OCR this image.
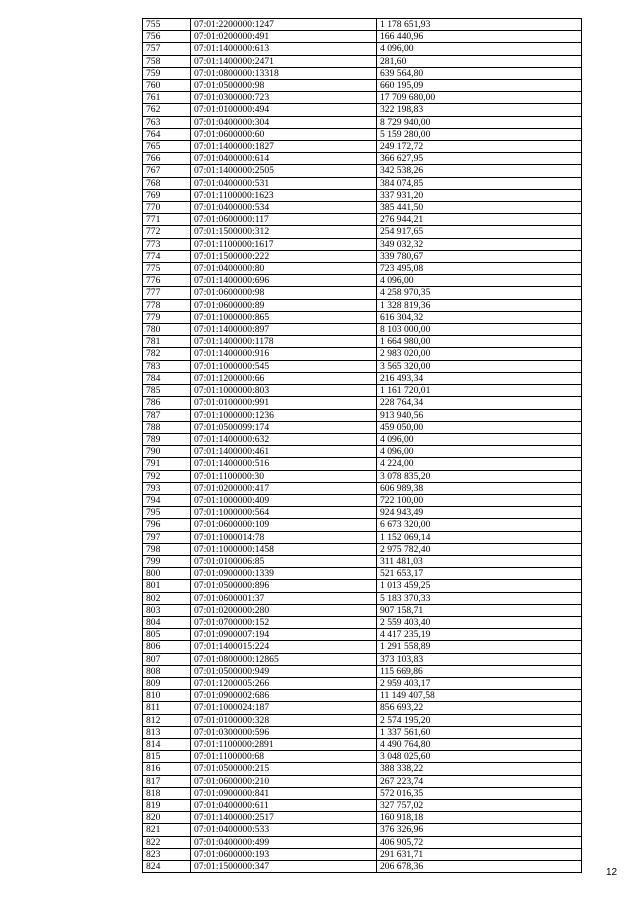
755	07:01:2200000:1247	1 178 651,93
756	07:01:0200000:491	166 440,96
757	07:01:1400000:613	4 096,00
758	07:01:1400000:2471	281,60
759	07:01:0800000:13318	639 564,80
760	07:01:0500000:98	660 195,09
761	07:01:0300000:723	17 709 680,00
762	07:01:0100000:494	322 198,83
763	07:01:0400000:304	8 729 940,00
764	07:01:0600000:60	5 159 280,00
765	07:01:1400000:1827	249 172,72
766	07:01:0400000:614	366 627,95
767	07:01:1400000:2505	342 538,26
768	07:01:0400000:531	384 074,85
769	07:01:1100000:1623	337 931,20
770	07:01:0400000:534	385 441,50
771	07:01:0600000:117	276 944,21
772	07:01:1500000:312	254 917,65
773	07:01:1100000:1617	349 032,32
774	07:01:1500000:222	339 780,67
775	07:01:0400000:80	723 495,08
776	07:01:1400000:696	4 096,00
777	07:01:0600000:98	4 258 970,35
778	07:01:0600000:89	1 328 819,36
779	07:01:1000000:865	616 304,32
780	07:01:1400000:897	8 103 000,00
781	07:01:1400000:1178	1 664 980,00
782	07:01:1400000:916	2 983 020,00
783	07:01:1000000:545	3 565 320,00
784	07:01:1200000:66	216 493,34
785	07:01:1000000:803	1 161 720,01
786	07:01:0100000:991	228 764,34
787	07:01:1000000:1236	913 940,56
788	07:01:0500099:174	459 050,00
789	07:01:1400000:632	4 096,00
790	07:01:1400000:461	4 096,00
791	07:01:1400000:516	4 224,00
792	07:01:1100000:30	3 078 835,20
793	07:01:0200000:417	606 989,38
794	07:01:1000000:409	722 100,00
795	07:01:1000000:564	924 943,49
796	07:01:0600000:109	6 673 320,00
797	07:01:1000014:78	1 152 069,14
798	07:01:1000000:1458	2 975 782,40
799	07:01:0100006:85	311 481,03
800	07:01:0900000:1339	521 653,17
801	07:01:0500000:896	1 013 459,25
802	07:01:0600001:37	5 183 370,33
803	07:01:0200000:280	907 158,71
804	07:01:0700000:152	2 559 403,40
805	07:01:0900007:194	4 417 235,19
806	07:01:1400015:224	1 291 558,89
807	07:01:0800000:12865	373 103,83
808	07:01:0500000:949	115 669,86
809	07:01:1200005:266	2 959 403,17
810	07:01:0900002:686	11 149 407,58
811	07:01:1000024:187	856 693,22
812	07:01:0100000:328	2 574 195,20
813	07:01:0300000:596	1 337 561,60
814	07:01:1100000:2891	4 490 764,80
815	07:01:1100000:68	3 048 025,60
816	07:01:0500000:215	388 338,22
817	07:01:0600000:210	267 223,74
818	07:01:0900000:841	572 016,35
819	07:01:0400000:611	327 757,02
820	07:01:1400000:2517	160 918,18
821	07:01:0400000:533	376 326,96
822	07:01:0400000:499	406 905,72
823	07:01:0600000:193	291 631,71
824	07:01:1500000:347	206 678,36
12
